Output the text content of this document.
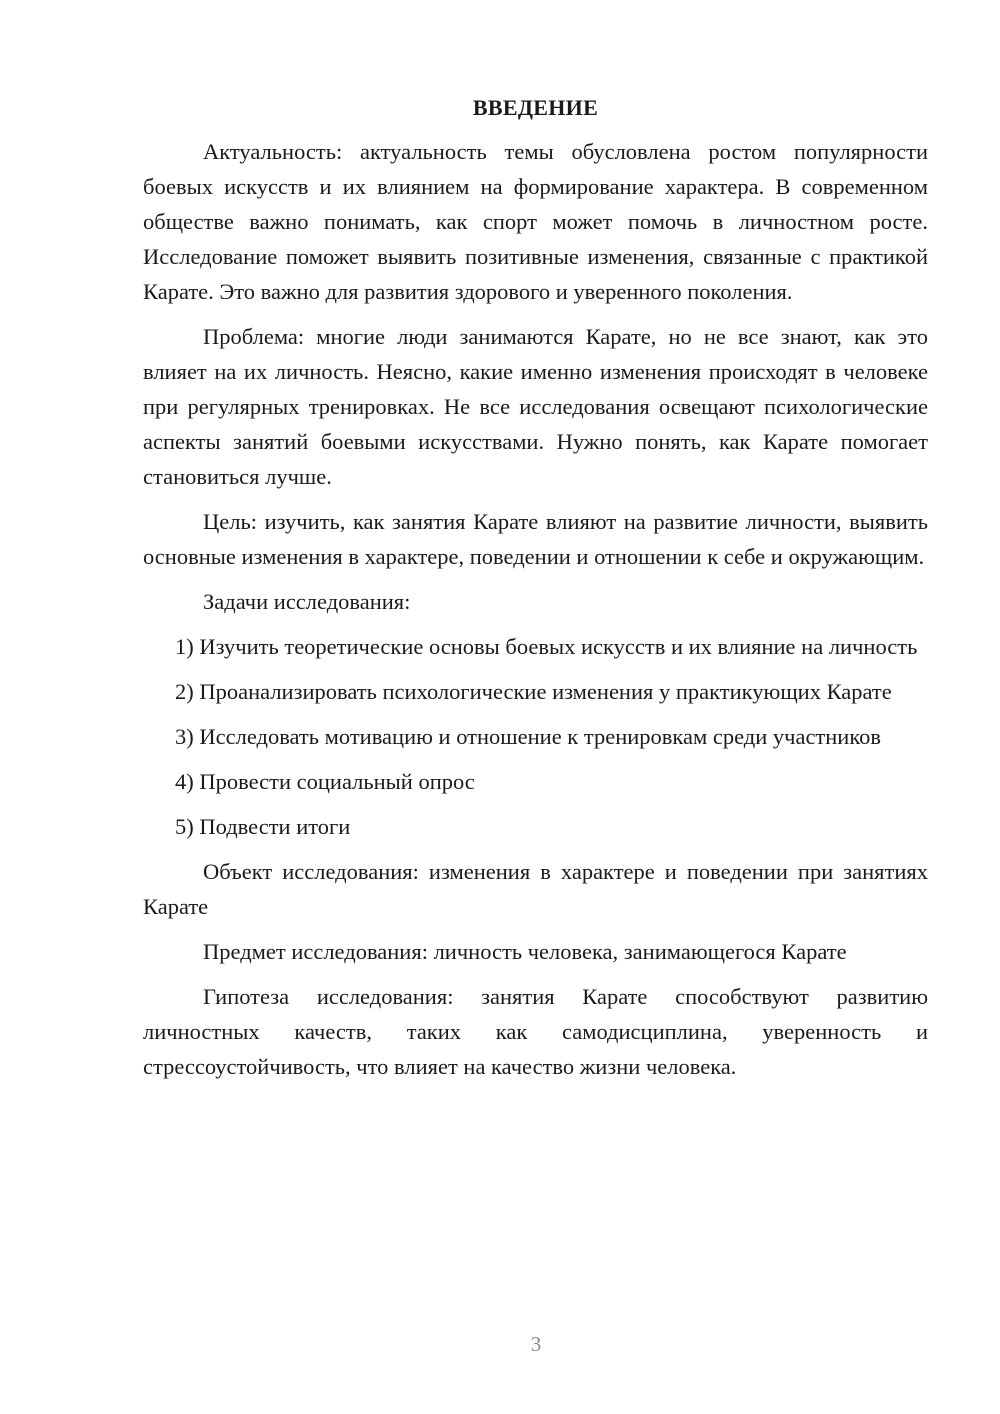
ВВЕДЕНИЕ

Актуальность: актуальность темы обусловлена ростом популярности боевых искусств и их влиянием на формирование характера. В современном обществе важно понимать, как спорт может помочь в личностном росте. Исследование поможет выявить позитивные изменения, связанные с практикой Карате. Это важно для развития здорового и уверенного поколения.

Проблема: многие люди занимаются Карате, но не все знают, как это влияет на их личность. Неясно, какие именно изменения происходят в человеке при регулярных тренировках. Не все исследования освещают психологические аспекты занятий боевыми искусствами. Нужно понять, как Карате помогает становиться лучше.

Цель: изучить, как занятия Карате влияют на развитие личности, выявить основные изменения в характере, поведении и отношении к себе и окружающим.

Задачи исследования:

1) Изучить теоретические основы боевых искусств и их влияние на личность

2) Проанализировать психологические изменения у практикующих Карате

3) Исследовать мотивацию и отношение к тренировкам среди участников

4) Провести социальный опрос

5) Подвести итоги

Объект исследования: изменения в характере и поведении при занятиях Карате

Предмет исследования: личность человека, занимающегося Карате

Гипотеза исследования: занятия Карате способствуют развитию личностных качеств, таких как самодисциплина, уверенность и стрессоустойчивость, что влияет на качество жизни человека.

3
